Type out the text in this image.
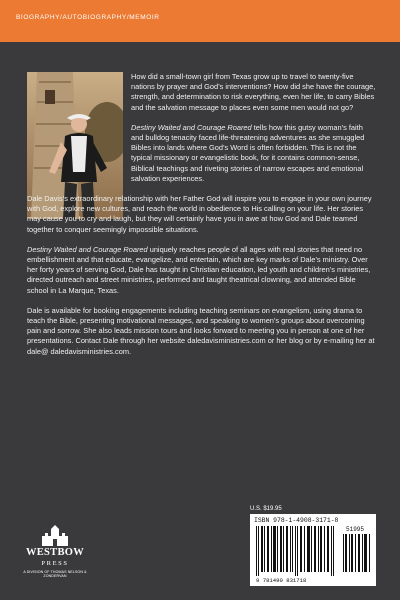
BIOGRAPHY/AUTOBIOGRAPHY/MEMOIR

How did a small-town girl from Texas grow up to travel to twenty-five nations by prayer and God’s interventions? How did she have the courage, strength, and determination to risk everything, even her life, to carry Bibles and the salvation message to places even some men would not go?

Destiny Waited and Courage Roared tells how this gutsy woman’s faith and bulldog tenacity faced life-threatening adventures as she smuggled Bibles into lands where God’s Word is often forbidden. This is not the typical missionary or evangelistic book, for it contains common-sense, Biblical teachings and riveting stories of narrow escapes and emotional salvation experiences.

Dale Davis’s extraordinary relationship with her Father God will inspire you to engage in your own journey with God, explore new cultures, and reach the world in obedience to His calling on your life. Her stories may cause you to cry and laugh, but they will certainly have you in awe at how God and Dale teamed together to conquer seemingly impossible situations.

Destiny Waited and Courage Roared uniquely reaches people of all ages with real stories that need no embellishment and that educate, evangelize, and entertain, which are key marks of Dale’s ministry. Over her forty years of serving God, Dale has taught in Christian education, led youth and children’s ministries, directed outreach and street ministries, performed and taught theatrical clowning, and attended Bible school in La Marque, Texas.

Dale is available for booking engagements including teaching seminars on evangelism, using drama to teach the Bible, presenting motivational messages, and speaking to women’s groups about overcoming pain and sorrow. She also leads mission tours and looks forward to meeting you in person at one of her presentations. Contact Dale through her website daledavisministries.com or her blog or by e-mailing her at dale@ daledavisministries.com.

WESTBOW
PRESS
A DIVISION OF THOMAS NELSON & ZONDERVAN
U.S. $19.95
ISBN 978-1-4908-3171-8
51995
9 781490 831718
